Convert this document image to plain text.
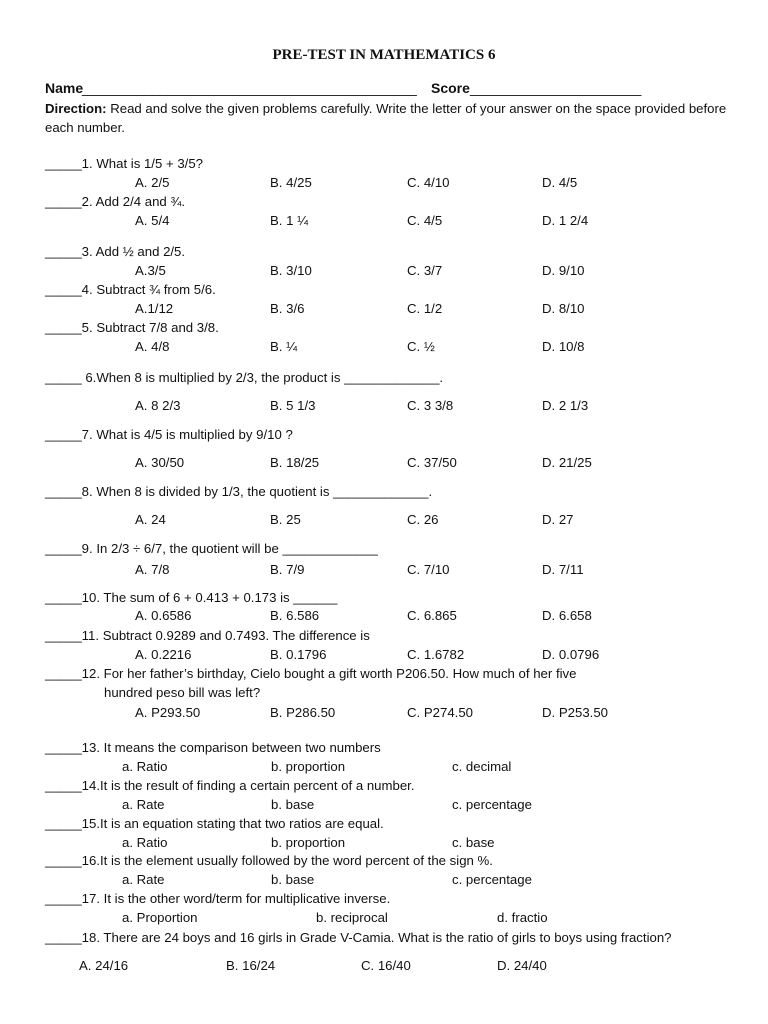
PRE-TEST IN MATHEMATICS 6
Name
___________________________________________ Score ______________________
Direction: Read and solve the given problems carefully. Write the letter of your answer on the space provided before each number.
_____1. What is 1/5 + 3/5?
A. 2/5	B. 4/25	C. 4/10	D. 4/5
_____2. Add 2/4 and ¾.
A. 5/4	B. 1 ¼	C. 4/5	D. 1 2/4
_____3. Add ½ and 2/5.
A.3/5	B. 3/10	C. 3/7	D. 9/10
_____4. Subtract ¾ from 5/6.
A.1/12	B. 3/6	C. 1/2	D. 8/10
_____5. Subtract 7/8 and 3/8.
A. 4/8	B. ¼	C. ½	D. 10/8
_____ 6.When 8 is multiplied by 2/3, the product is _____________.
A. 8 2/3	B. 5 1/3	C. 3 3/8	D. 2 1/3
_____7. What is 4/5 is multiplied by 9/10 ?
A. 30/50	B. 18/25	C. 37/50	D. 21/25
_____8. When 8 is divided by 1/3, the quotient is _____________.
A. 24	B. 25	C. 26	D. 27
_____9. In 2/3 ÷ 6/7, the quotient will be _____________
A. 7/8	B. 7/9	C. 7/10	D. 7/11
_____10. The sum of 6 + 0.413 + 0.173 is ______
A. 0.6586	B. 6.586	C. 6.865	D. 6.658
_____11. Subtract 0.9289 and 0.7493. The difference is
A. 0.2216	B. 0.1796	C. 1.6782	D. 0.0796
_____12. For her father’s birthday, Cielo bought a gift worth P206.50. How much of her five
hundred peso bill was left?
A. P293.50	B. P286.50	C. P274.50	D. P253.50
_____13. It means the comparison between two numbers
a. Ratio	b. proportion	c. decimal
_____14.It is the result of finding a certain percent of a number.
a. Rate	b. base	c. percentage
_____15.It is an equation stating that two ratios are equal.
a. Ratio	b. proportion	c. base
_____16.It is the element usually followed by the word percent of the sign %.
a. Rate	b. base	c. percentage
_____17. It is the other word/term for multiplicative inverse.
a. Proportion	b. reciprocal	d. fractio
_____18. There are 24 boys and 16 girls in Grade V-Camia. What is the ratio of girls to boys using fraction?
A. 24/16	B. 16/24	C. 16/40	D. 24/40
